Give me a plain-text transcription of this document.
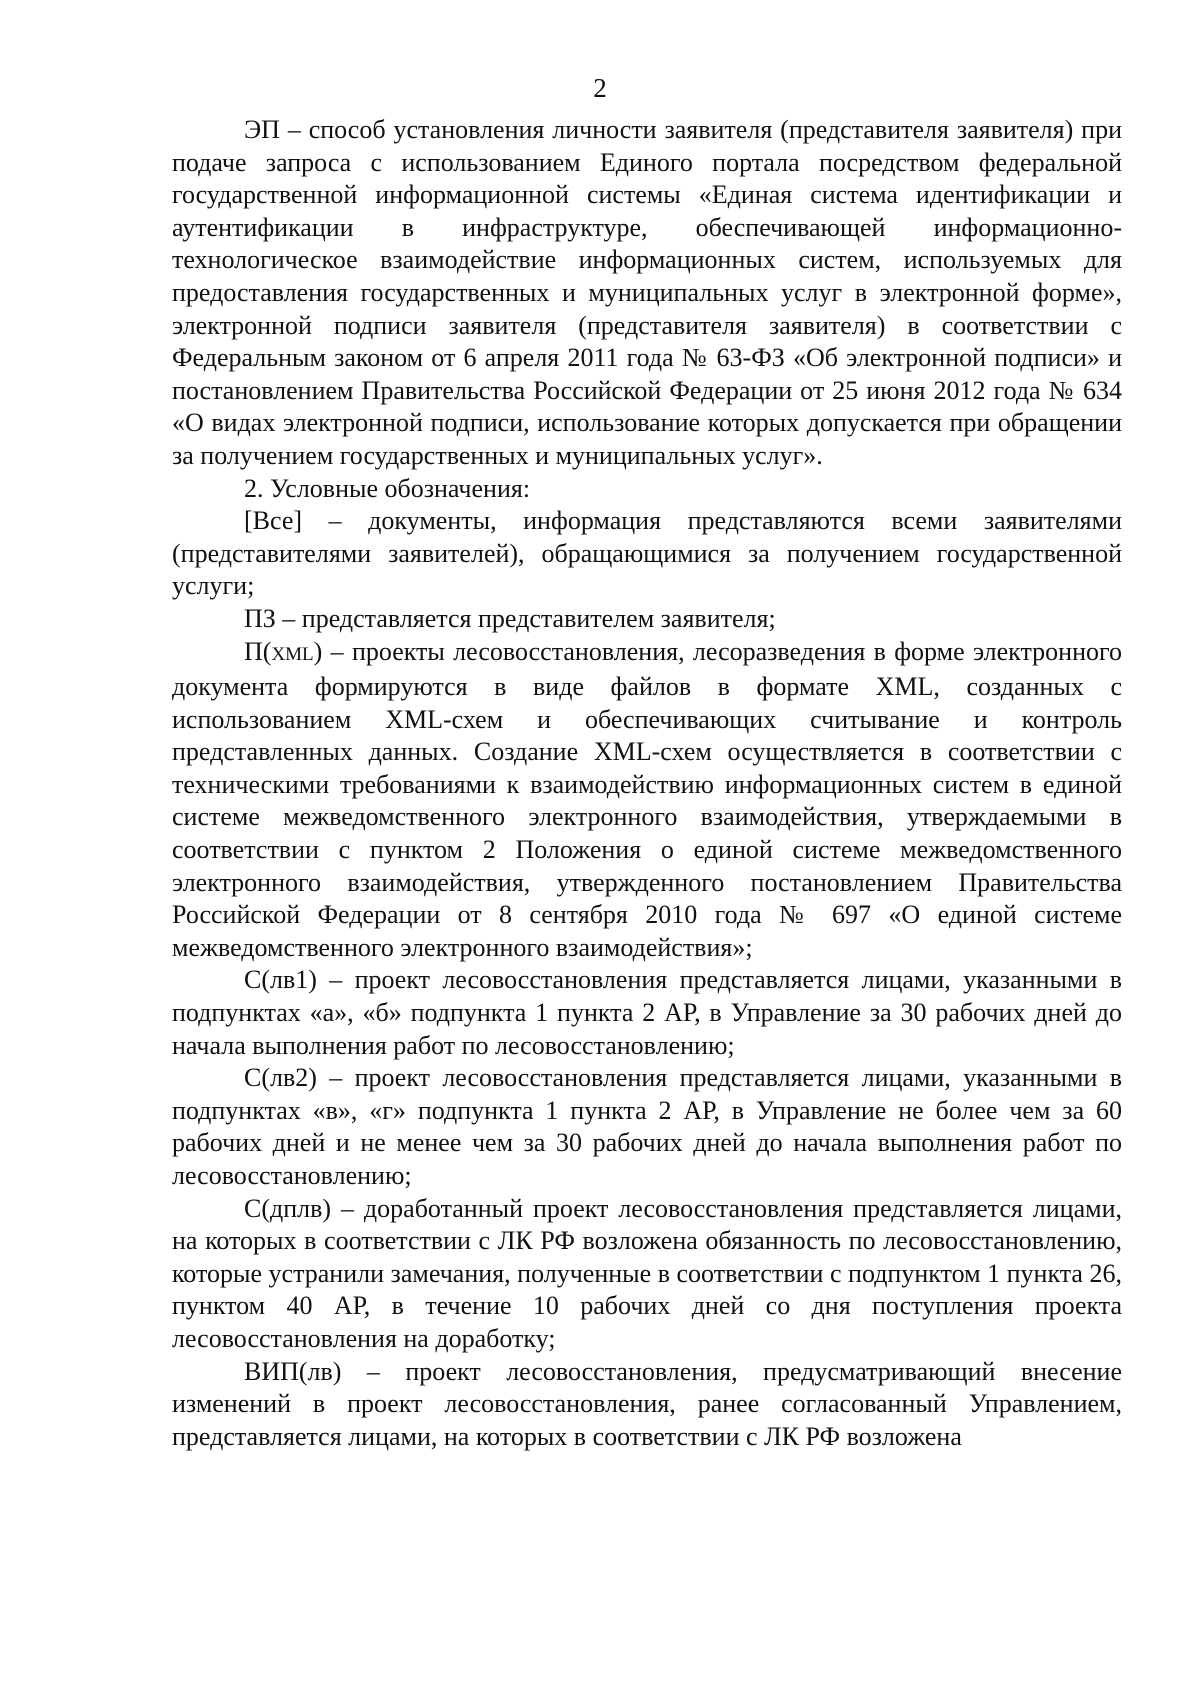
2

ЭП – способ установления личности заявителя (представителя заявителя) при подаче запроса с использованием Единого портала посредством федеральной государственной информационной системы «Единая система идентификации и аутентификации в инфраструктуре, обеспечивающей информационно-технологическое взаимодействие информационных систем, используемых для предоставления государственных и муниципальных услуг в электронной форме», электронной подписи заявителя (представителя заявителя) в соответствии с Федеральным законом от 6 апреля 2011 года № 63-ФЗ «Об электронной подписи» и постановлением Правительства Российской Федерации от 25 июня 2012 года № 634 «О видах электронной подписи, использование которых допускается при обращении за получением государственных и муниципальных услуг».

2. Условные обозначения:

[Все] – документы, информация представляются всеми заявителями (представителями заявителей), обращающимися за получением государственной услуги;

ПЗ – представляется представителем заявителя;

П(XML) – проекты лесовосстановления, лесоразведения в форме электронного документа формируются в виде файлов в формате XML, созданных с использованием XML-схем и обеспечивающих считывание и контроль представленных данных. Создание XML-схем осуществляется в соответствии с техническими требованиями к взаимодействию информационных систем в единой системе межведомственного электронного взаимодействия, утверждаемыми в соответствии с пунктом 2 Положения о единой системе межведомственного электронного взаимодействия, утвержденного постановлением Правительства Российской Федерации от 8 сентября 2010 года № 697 «О единой системе межведомственного электронного взаимодействия»;

С(лв1) – проект лесовосстановления представляется лицами, указанными в подпунктах «а», «б» подпункта 1 пункта 2 АР, в Управление за 30 рабочих дней до начала выполнения работ по лесовосстановлению;

С(лв2) – проект лесовосстановления представляется лицами, указанными в подпунктах «в», «г» подпункта 1 пункта 2 АР, в Управление не более чем за 60 рабочих дней и не менее чем за 30 рабочих дней до начала выполнения работ по лесовосстановлению;

С(дплв) – доработанный проект лесовосстановления представляется лицами, на которых в соответствии с ЛК РФ возложена обязанность по лесовосстановлению, которые устранили замечания, полученные в соответствии с подпунктом 1 пункта 26, пунктом 40 АР, в течение 10 рабочих дней со дня поступления проекта лесовосстановления на доработку;

ВИП(лв) – проект лесовосстановления, предусматривающий внесение изменений в проект лесовосстановления, ранее согласованный Управлением, представляется лицами, на которых в соответствии с ЛК РФ возложена
